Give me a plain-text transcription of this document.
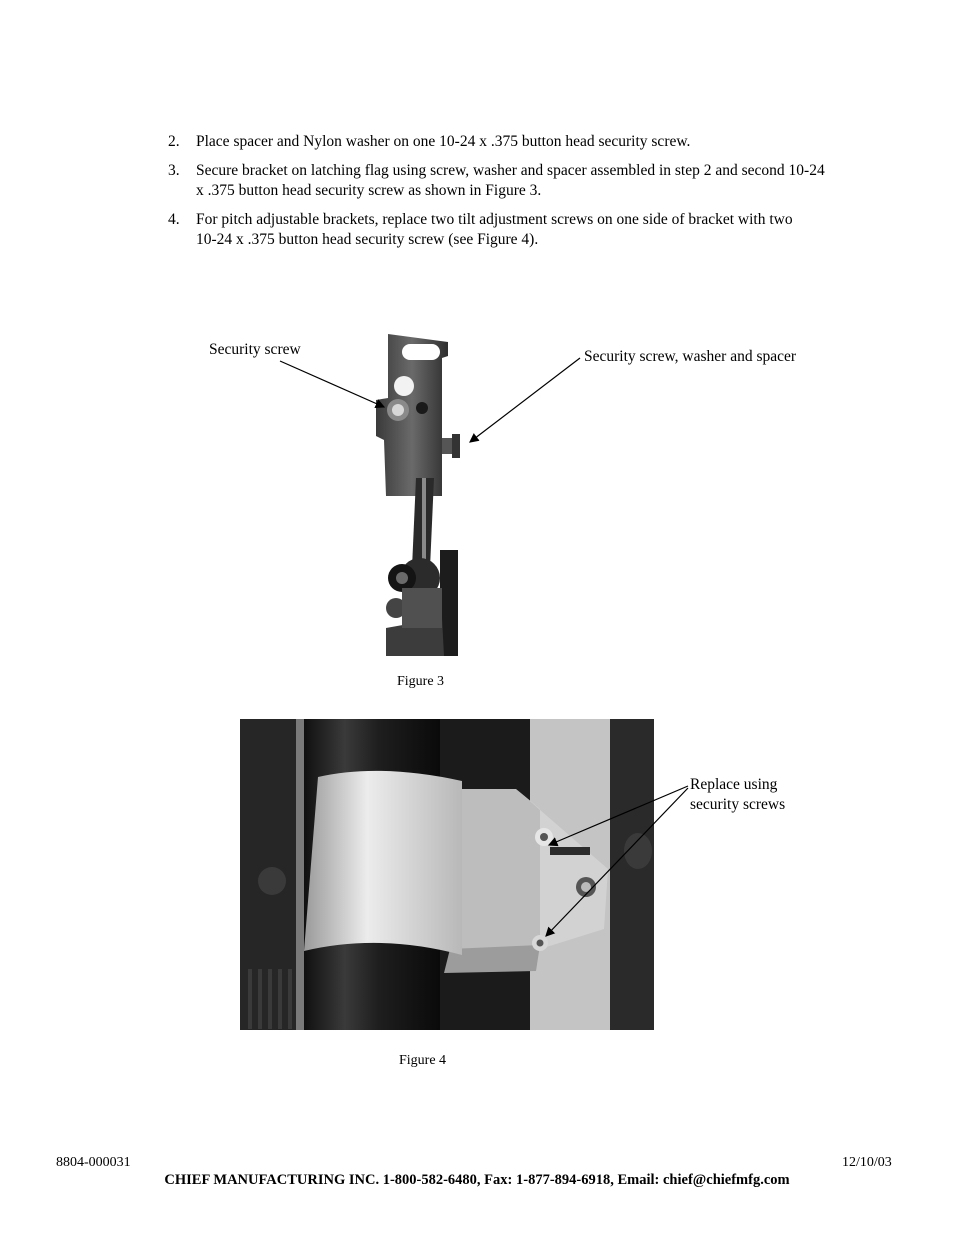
2. Place spacer and Nylon washer on one 10-24 x .375 button head security screw.
3. Secure bracket on latching flag using screw, washer and spacer assembled in step 2 and second 10-24
x .375 button head security screw as shown in Figure 3.
4. For pitch adjustable brackets, replace two tilt adjustment screws on one side of bracket with two
10-24 x .375 button head security screw (see Figure 4).
Security screw	Security screw, washer and spacer
Figure 3
Replace using
security screws
Figure 4
8804-000031	12/10/03
CHIEF MANUFACTURING INC. 1-800-582-6480, Fax: 1-877-894-6918, Email: chief@chiefmfg.com
